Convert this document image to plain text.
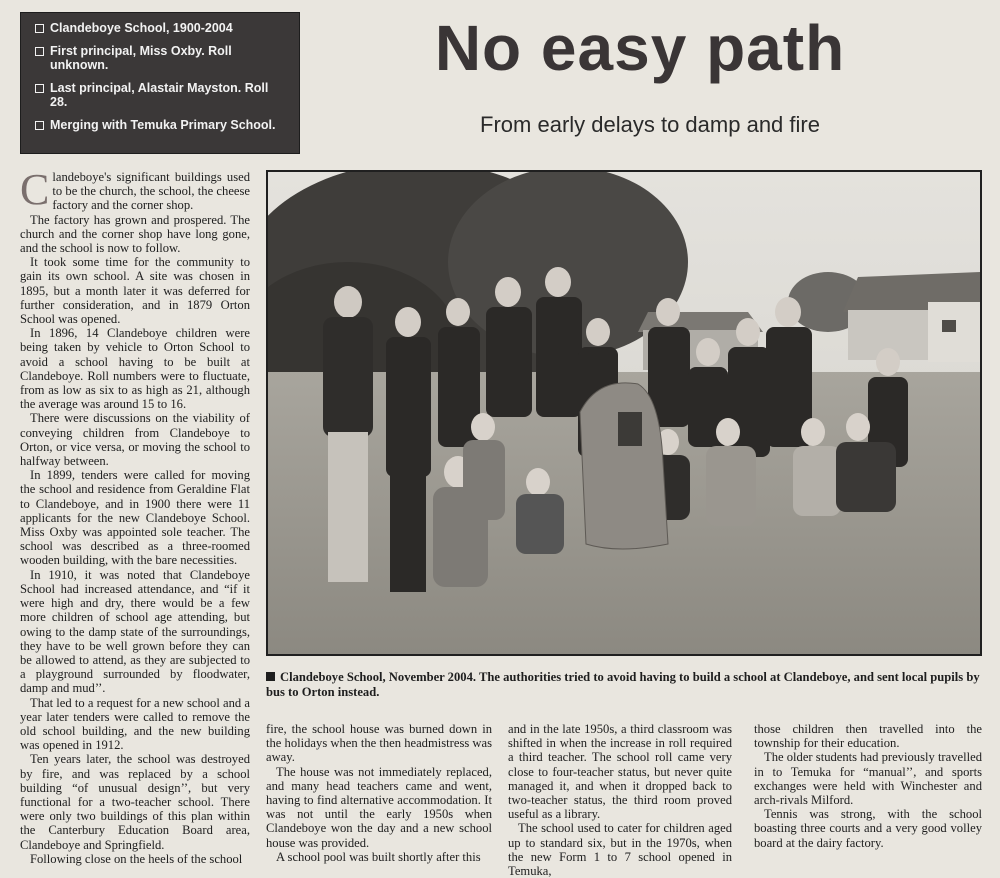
Clandeboye School, 1900-2004
First principal, Miss Oxby. Roll unknown.
Last principal, Alastair Mayston. Roll 28.
Merging with Temuka Primary School.
No easy path
From early delays to damp and fire

Clandeboye's significant buildings used to be the church, the school, the cheese factory and the corner shop.

The factory has grown and prospered. The church and the corner shop have long gone, and the school is now to follow.

It took some time for the community to gain its own school. A site was chosen in 1895, but a month later it was deferred for further consideration, and in 1879 Orton School was opened.

In 1896, 14 Clandeboye children were being taken by vehicle to Orton School to avoid a school having to be built at Clandeboye. Roll numbers were to fluctuate, from as low as six to as high as 21, although the average was around 15 to 16.

There were discussions on the viability of conveying children from Clandeboye to Orton, or vice versa, or moving the school to halfway between.

In 1899, tenders were called for moving the school and residence from Geraldine Flat to Clandeboye, and in 1900 there were 11 applicants for the new Clandeboye School. Miss Oxby was appointed sole teacher. The school was described as a three-roomed wooden building, with the bare necessities.

In 1910, it was noted that Clandeboye School had increased attendance, and “if it were high and dry, there would be a few more children of school age attending, but owing to the damp state of the surroundings, they have to be well grown before they can be allowed to attend, as they are subjected to a playground surrounded by floodwater, damp and mud’’.

That led to a request for a new school and a year later tenders were called to remove the old school building, and the new building was opened in 1912.

Ten years later, the school was destroyed by fire, and was replaced by a school building “of unusual design’’, but very functional for a two-teacher school. There were only two buildings of this plan within the Canterbury Education Board area, Clandeboye and Springfield.

Following close on the heels of the school

Clandeboye School, November 2004. The authorities tried to avoid having to build a school at Clandeboye, and sent local pupils by bus to Orton instead.

fire, the school house was burned down in the holidays when the then headmistress was away.

The house was not immediately replaced, and many head teachers came and went, having to find alternative accommodation. It was not until the early 1950s when Clandeboye won the day and a new school house was provided.

A school pool was built shortly after this

and in the late 1950s, a third classroom was shifted in when the increase in roll required a third teacher. The school roll came very close to four-teacher status, but never quite managed it, and when it dropped back to two-teacher status, the third room proved useful as a library.

The school used to cater for children aged up to standard six, but in the 1970s, when the new Form 1 to 7 school opened in Temuka,

those children then travelled into the township for their education.

The older students had previously travelled in to Temuka for “manual’’, and sports exchanges were held with Winchester and arch-rivals Milford.

Tennis was strong, with the school boasting three courts and a very good volley board at the dairy factory.
